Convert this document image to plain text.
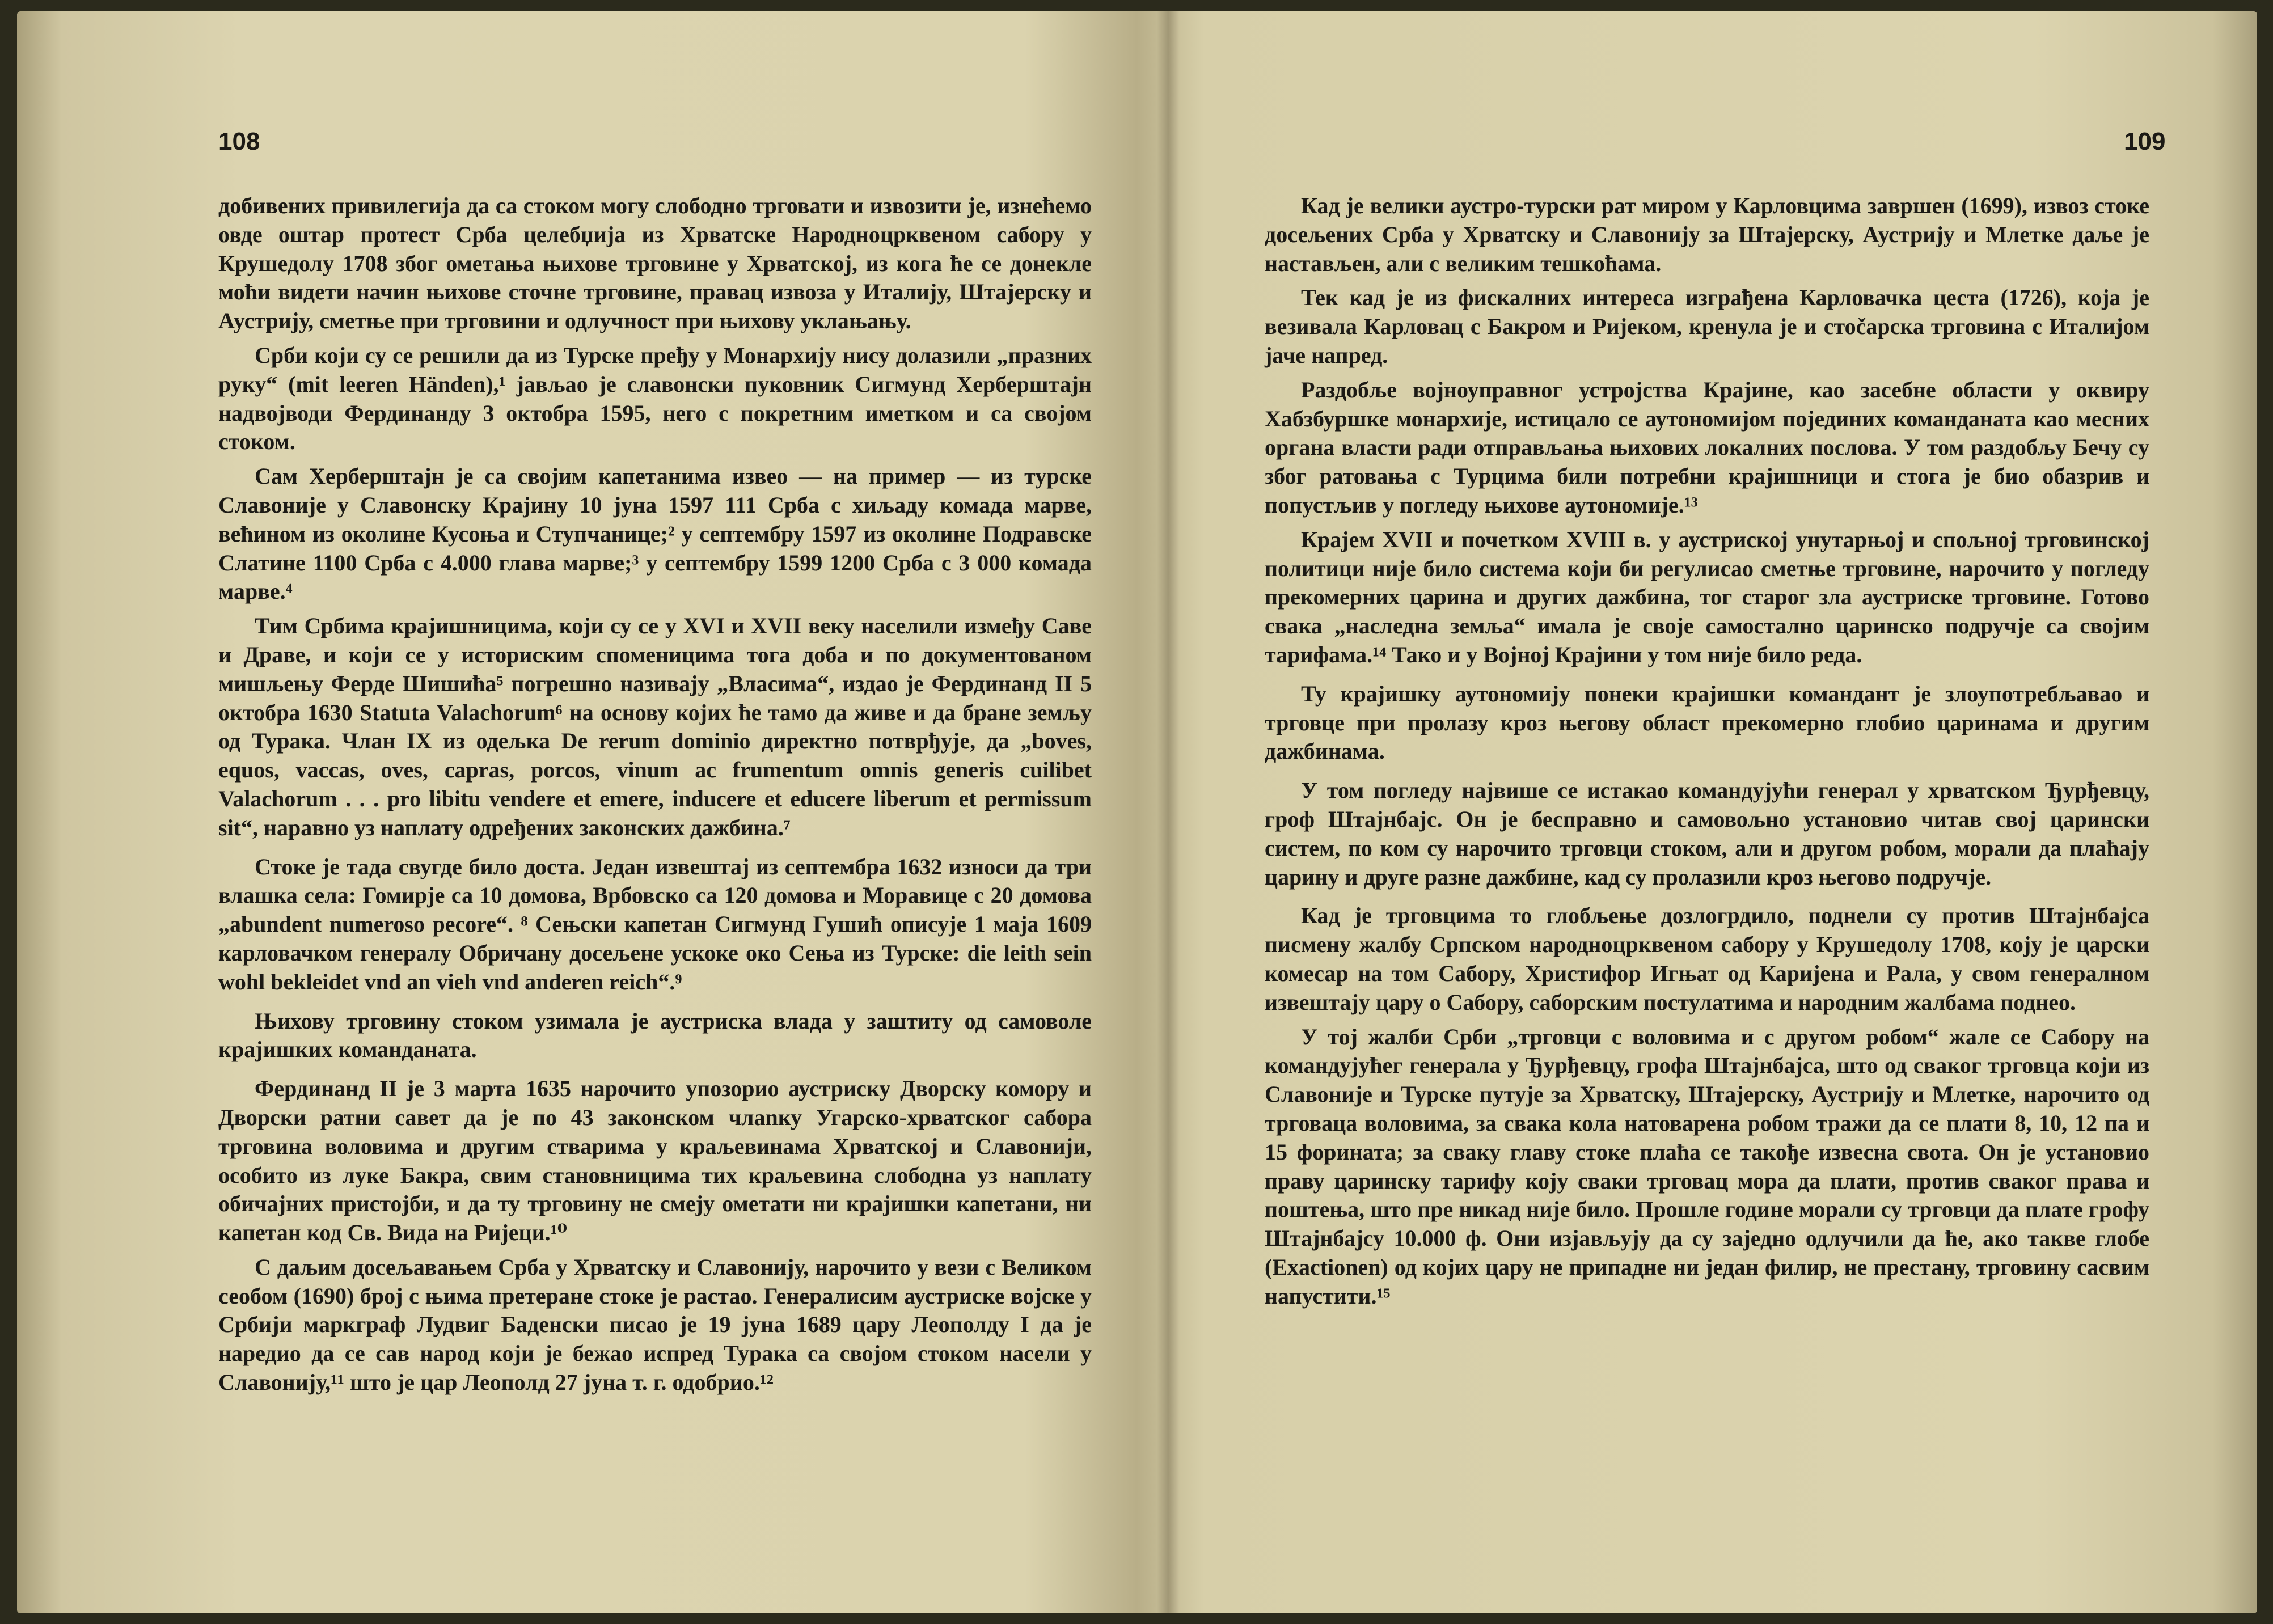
108

добивених привилегија да са стоком могу слободно трговати и извозити је, изнећемо овде оштар протест Срба целебџија из Хрватске Народноцрквеном сабору у Крушедолу 1708 због ометања њихове трговине у Хрватској, из кога ће се донекле моћи видети начин њихове сточне трговине, правац извоза у Италију, Штајерску и Аустрију, сметње при трговини и одлучност при њихову уклањању.

Срби који су се решили да из Турске пређу у Монархију нису долазили „празних руку“ (mit leeren Händen),¹ јављао је славонски пуковник Сигмунд Херберштајн надвојводи Фердинанду 3 октобра 1595, него с покретним иметком и са својом стоком.

Сам Херберштајн је са својим капетанима извео — на пример — из турске Славоније у Славонску Крајину 10 јуна 1597 111 Срба с хиљаду комада марве, већином из околине Кусоња и Ступчанице;² у септембру 1597 из околине Подравске Слатине 1100 Срба с 4.000 глава марве;³ у септембру 1599 1200 Срба с 3 000 комада марве.⁴

Тим Србима крајишницима, који су се у XVI и XVII веку населили између Саве и Драве, и који се у историским споменицима тога доба и по документованом мишљењу Ферде Шишића⁵ погрешно називају „Власима“, издао је Фердинанд II 5 октобра 1630 Statuta Valachorum⁶ на основу којих ће тамо да живе и да бране земљу од Турака. Члан IX из одељка De rerum dominio директно потврђује, да „boves, equos, vaccas, oves, capras, porcos, vinum ac frumentum omnis generis cuilibet Valachorum . . . pro libitu vendere et emere, inducere et educere liberum et permissum sit“, наравно уз наплату одређених законских дажбина.⁷

Стоке је тада свугде било доста. Један извештај из септембра 1632 износи да три влашка села: Гомирје са 10 домова, Врбовско са 120 домова и Моравице с 20 домова „abundent numeroso pecore“. ⁸ Сењски капетан Сигмунд Гушић описује 1 маја 1609 карловачком генералу Обричану досељене ускоке око Сења из Турске: die leith sein wohl bekleidet vnd an vieh vnd anderen reich“.⁹

Њихову трговину стоком узимала је аустриска влада у заштиту од самоволе крајишких команданата.

Фердинанд II је 3 марта 1635 нарочито упозорио аустриску Дворску комору и Дворски ратни савет да је по 43 законском члanку Угарско-хрватског сабора трговина воловима и другим стварима у краљевинама Хрватској и Славонији, особито из луке Бакра, свим становницима тих краљевина слободна уз наплату обичајних пристојби, и да ту трговину не смеју ометати ни крајишки капетани, ни капетан код Св. Вида на Ријеци.¹⁰

С даљим досељавањем Срба у Хрватску и Славонију, нарочито у вези с Великом сеобом (1690) број с њима претеране стоке је растао. Генералисим аустриске војске у Србији маркграф Лудвиг Баденски писао је 19 јуна 1689 цару Леополду I да је наредио да се сав народ који је бежао испред Турака са својом стоком насели у Славонију,¹¹ што је цар Леополд 27 јуна т. г. одобрио.¹²

109

Кад је велики аустро-турски рат миром у Карловцима завршен (1699), извоз стоке досељених Срба у Хрватску и Славонију за Штајерску, Аустрију и Млетке даље је настављен, али с великим тешкоћама.

Тек кад је из фискалних интереса изграђена Карловачка цеста (1726), која је везивала Карловац с Бакром и Ријеком, кренула је и стоčарска трговина с Италијом јаче напред.

Раздобље војноуправног устројства Крајине, као засебне области у оквиру Хабзбуршке монархије, истицало се аутономијом појединих команданата као месних органа власти ради отправљања њихових локалних послова. У том раздобљу Бечу су због ратовања с Турцима били потребни крајишници и стога је био обазрив и попустљив у погледу њихове аутономије.¹³

Крајем XVII и почетком XVIII в. у аустриској унутарњој и спољној трговинској политици није било система који би регулисао сметње трговине, нарочито у погледу прекомерних царина и других дажбина, тог старог зла аустриске трговине. Готово свака „наследна земља“ имала је своје самостално царинско подручје са својим тарифама.¹⁴ Тако и у Војној Крајини у том није било реда.

Ту крајишку аутономију понеки крајишки командант је злоупотребљавао и трговце при пролазу кроз његову област прекомерно глобио царинама и другим дажбинама.

У том погледу највише се истакао командујући генерал у хрватском Ђурђевцу, гроф Штајнбајс. Он је бесправно и самовољно установио читав свој царински систем, по ком су нарочито трговци стоком, али и другом робом, морали да плаћају царину и друге разне дажбине, кад су пролазили кроз његово подручје.

Кад је трговцима то глобљење дозлогрдило, поднели су против Штајнбајса писмену жалбу Српском народноцрквеном сабору у Крушедолу 1708, коју је царски комесар на том Сабору, Христифор Игњат од Каријена и Рала, у свом генералном извештају цару о Сабору, саборским постулатима и народним жалбама поднео.

У тој жалби Срби „трговци с воловима и с другом робом“ жале се Сабору на командујућег генерала у Ђурђевцу, грофа Штајнбајса, што од сваког трговца који из Славоније и Турске путује за Хрватску, Штајерску, Аустрију и Млетке, нарочито од трговаца воловима, за свака кола натоварена робом тражи да се плати 8, 10, 12 па и 15 форината; за сваку главу стоке плаћа се такође извесна свота. Он је установио праву царинску тарифу коју сваки трговац мора да плати, против сваког права и поштења, што пре никад није било. Прошле године морали су трговци да плате грофу Штајнбајсу 10.000 ф. Они изјављују да су заједно одлучили да ће, ако такве глобе (Exactionen) од којих цару не припадне ни један филир, не престану, трговину сасвим напустити.¹⁵
